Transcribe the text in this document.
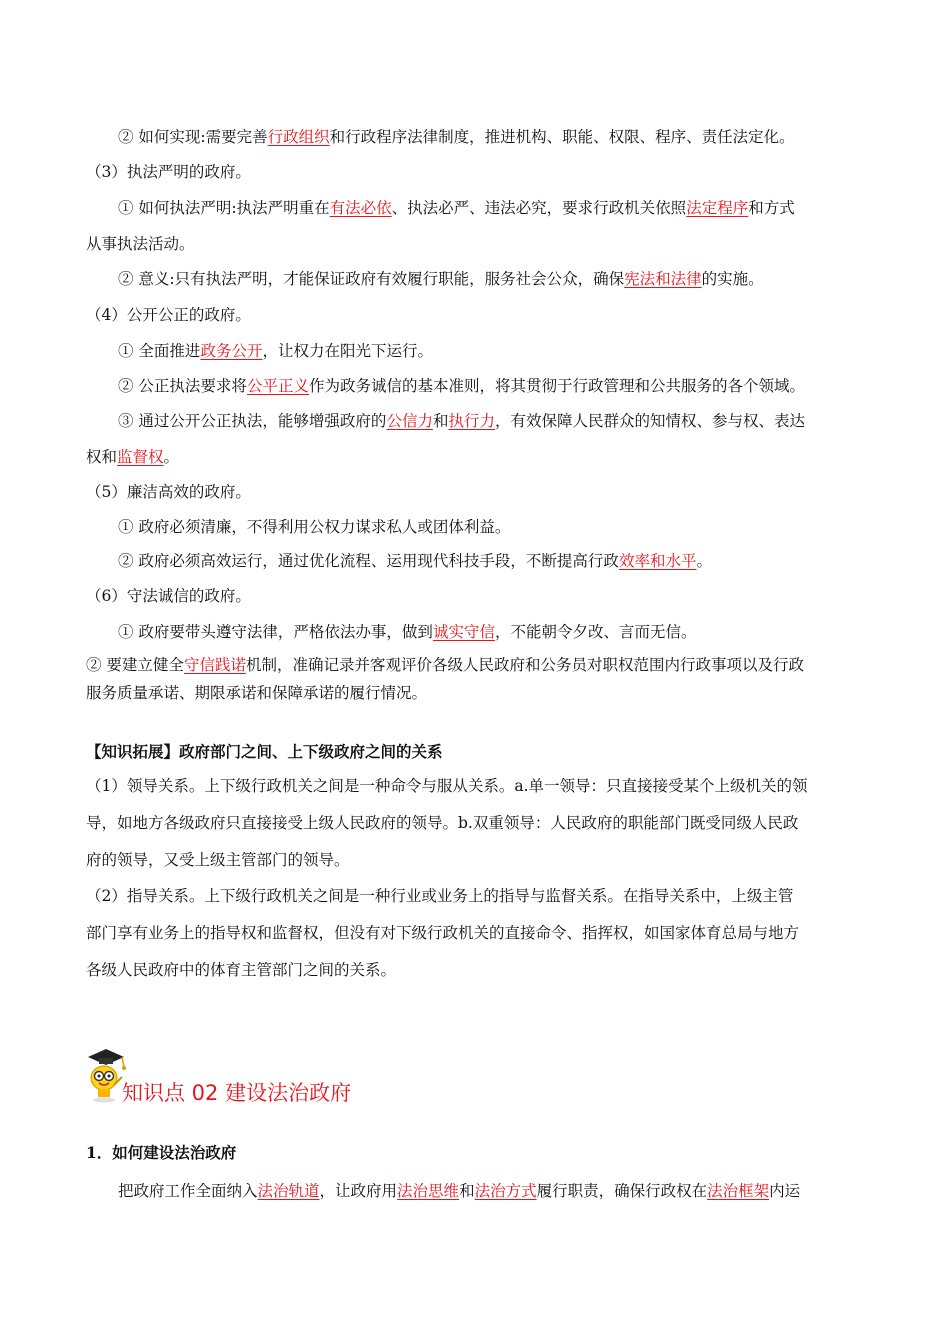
② 如何实现:需要完善行政组织和行政程序法律制度，推进机构、职能、权限、程序、责任法定化。
（3）执法严明的政府。
① 如何执法严明:执法严明重在有法必依、执法必严、违法必究，要求行政机关依照法定程序和方式
从事执法活动。
② 意义:只有执法严明，才能保证政府有效履行职能，服务社会公众，确保宪法和法律的实施。
（4）公开公正的政府。
① 全面推进政务公开，让权力在阳光下运行。
② 公正执法要求将公平正义作为政务诚信的基本准则，将其贯彻于行政管理和公共服务的各个领域。
③ 通过公开公正执法，能够增强政府的公信力和执行力，有效保障人民群众的知情权、参与权、表达
权和监督权。
（5）廉洁高效的政府。
① 政府必须清廉，不得利用公权力谋求私人或团体利益。
② 政府必须高效运行，通过优化流程、运用现代科技手段，不断提高行政效率和水平。
（6）守法诚信的政府。
① 政府要带头遵守法律，严格依法办事，做到诚实守信，不能朝令夕改、言而无信。
② 要建立健全守信践诺机制，准确记录并客观评价各级人民政府和公务员对职权范围内行政事项以及行政
服务质量承诺、期限承诺和保障承诺的履行情况。
【知识拓展】政府部门之间、上下级政府之间的关系
（1）领导关系。上下级行政机关之间是一种命令与服从关系。a.单一领导：只直接接受某个上级机关的领
导，如地方各级政府只直接接受上级人民政府的领导。b.双重领导：人民政府的职能部门既受同级人民政
府的领导，又受上级主管部门的领导。
（2）指导关系。上下级行政机关之间是一种行业或业务上的指导与监督关系。在指导关系中，上级主管
部门享有业务上的指导权和监督权，但没有对下级行政机关的直接命令、指挥权，如国家体育总局与地方
各级人民政府中的体育主管部门之间的关系。
知识点 02 建设法治政府
1．如何建设法治政府
把政府工作全面纳入法治轨道，让政府用法治思维和法治方式履行职责，确保行政权在法治框架内运
